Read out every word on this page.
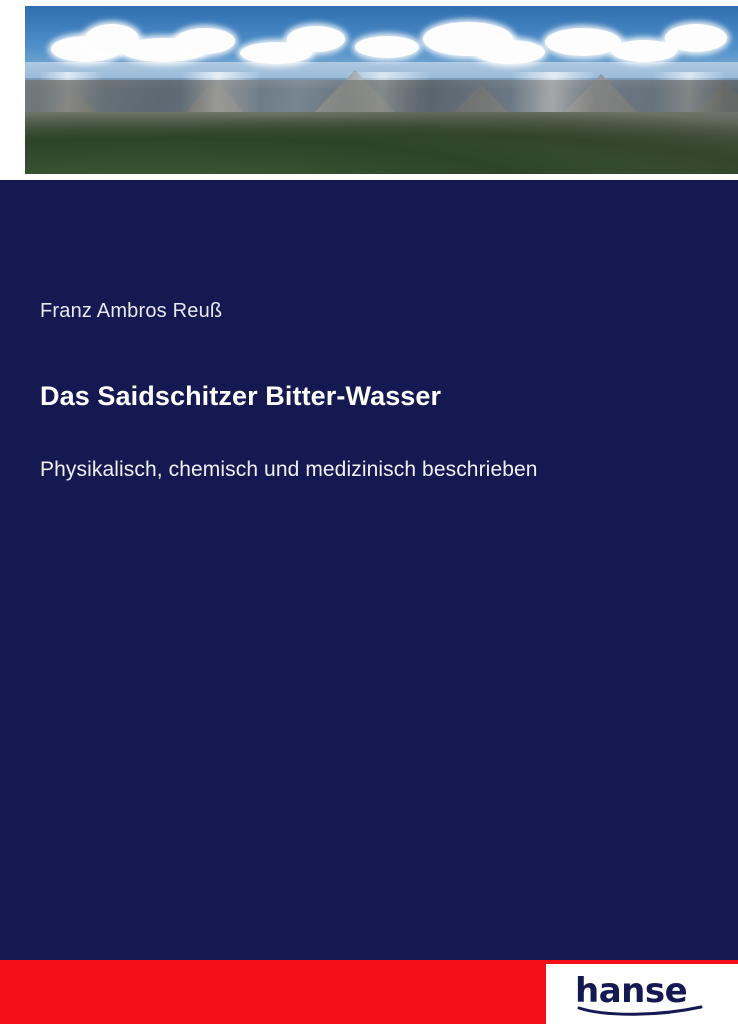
Franz Ambros Reuß
Das Saidschitzer Bitter-Wasser
Physikalisch, chemisch und medizinisch beschrieben
hanse
